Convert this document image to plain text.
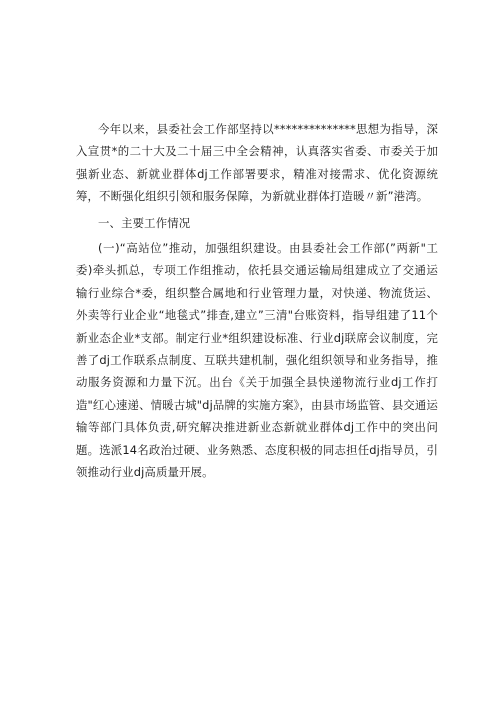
今年以来，县委社会工作部坚持以**************思想为指导，深入宣贯*的二十大及二十届三中全会精神，认真落实省委、市委关于加强新业态、新就业群体dj工作部署要求，精准对接需求、优化资源统筹，不断强化组织引领和服务保障，为新就业群体打造暖〃新”港湾。

一、主要工作情况

(一)“高站位”推动，加强组织建设。由县委社会工作部(”两新"工委)牵头抓总，专项工作组推动，依托县交通运输局组建成立了交通运输行业综合*委，组织整合属地和行业管理力量，对快递、物流货运、外卖等行业企业“地毯式”排查,建立”三清"台账资料，指导组建了11个新业态企业*支部。制定行业*组织建设标准、行业dj联席会议制度，完善了dj工作联系点制度、互联共建机制，强化组织领导和业务指导，推动服务资源和力量下沉。出台《关于加强全县快递物流行业dj工作打造"红心速递、情暖古城"dj品牌的实施方案》，由县市场监管、县交通运输等部门具体负责,研究解决推进新业态新就业群体dj工作中的突出问题。选派14名政治过硬、业务熟悉、态度积极的同志担任dj指导员，引领推动行业dj高质量开展。
